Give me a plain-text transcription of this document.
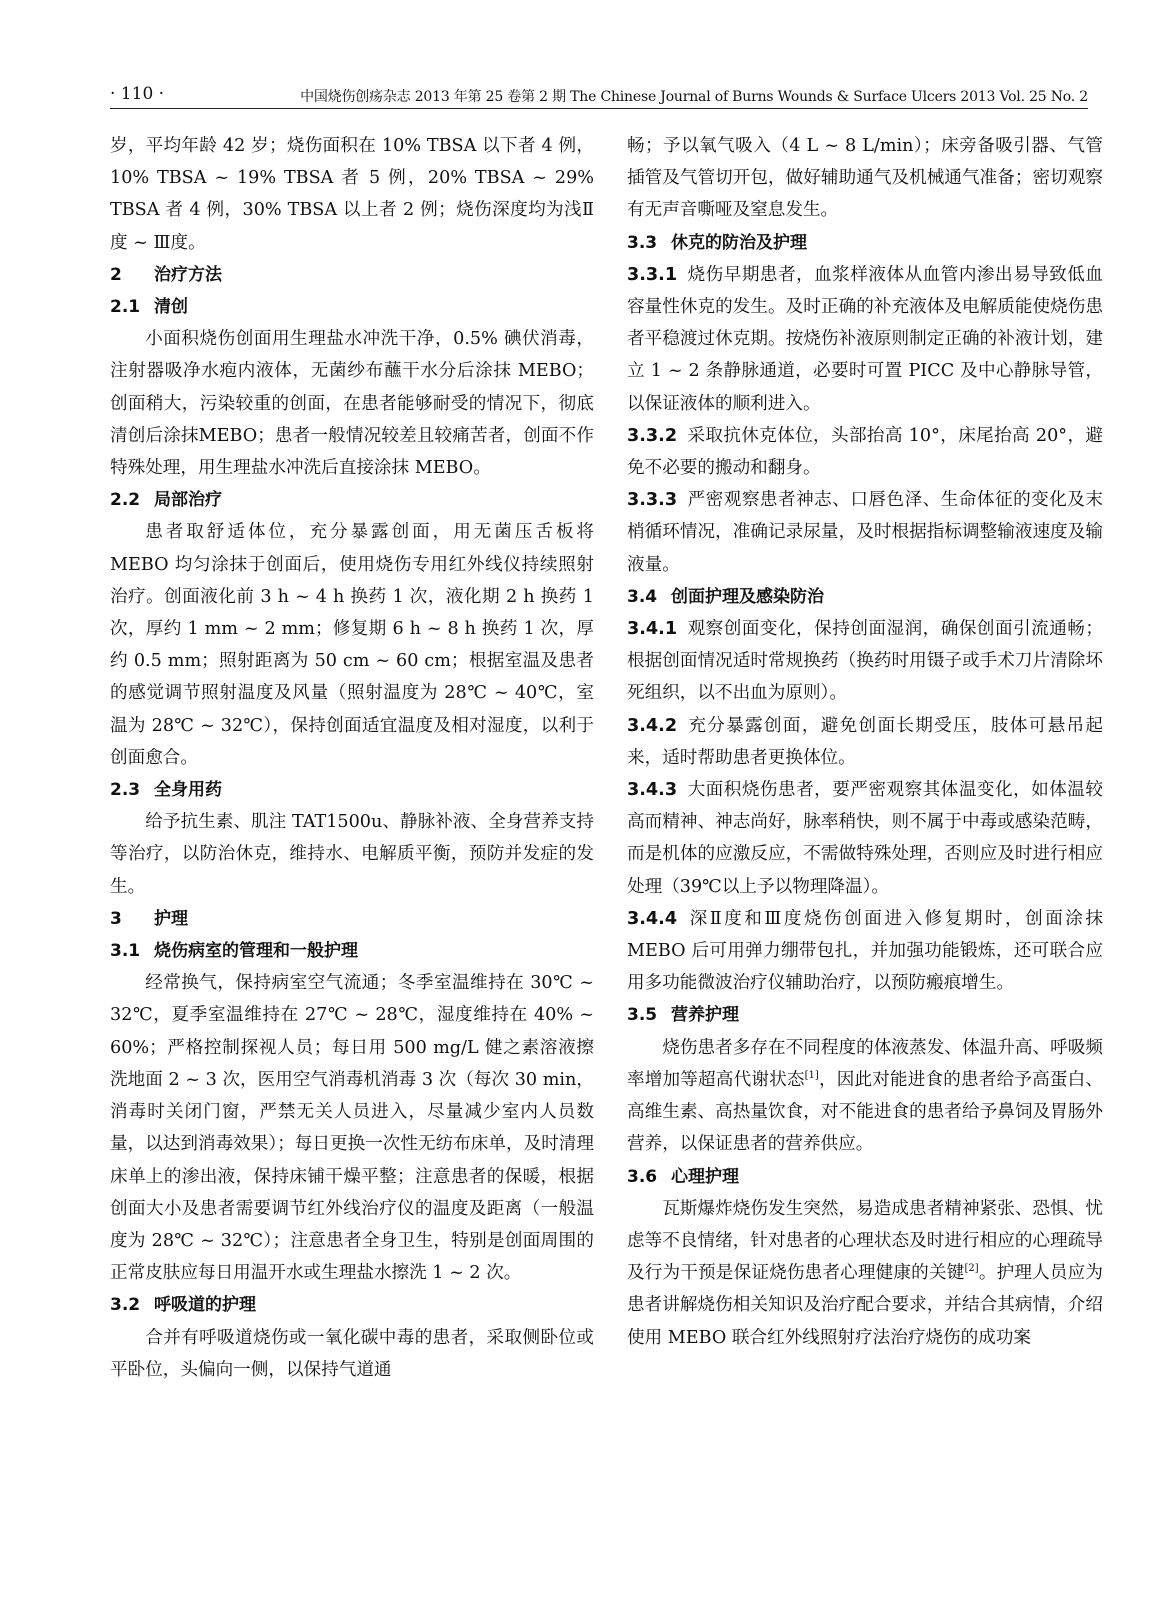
· 110 ·	中国烧伤创疡杂志 2013 年第 25 卷第 2 期 The Chinese Journal of Burns Wounds & Surface Ulcers 2013 Vol. 25 No. 2

岁，平均年龄 42 岁；烧伤面积在 10% TBSA 以下者 4 例，10% TBSA ~ 19% TBSA 者 5 例，20% TBSA ~ 29% TBSA 者 4 例，30% TBSA 以上者 2 例；烧伤深度均为浅Ⅱ度 ~ Ⅲ度。

2 治疗方法
2.1 清创

小面积烧伤创面用生理盐水冲洗干净，0.5% 碘伏消毒，注射器吸净水疱内液体，无菌纱布蘸干水分后涂抹 MEBO；创面稍大，污染较重的创面，在患者能够耐受的情况下，彻底清创后涂抹MEBO；患者一般情况较差且较痛苦者，创面不作特殊处理，用生理盐水冲洗后直接涂抹 MEBO。

2.2 局部治疗

患者取舒适体位，充分暴露创面，用无菌压舌板将 MEBO 均匀涂抹于创面后，使用烧伤专用红外线仪持续照射治疗。创面液化前 3 h ~ 4 h 换药 1 次，液化期 2 h 换药 1 次，厚约 1 mm ~ 2 mm；修复期 6 h ~ 8 h 换药 1 次，厚约 0.5 mm；照射距离为 50 cm ~ 60 cm；根据室温及患者的感觉调节照射温度及风量（照射温度为 28℃ ~ 40℃，室温为 28℃ ~ 32℃），保持创面适宜温度及相对湿度，以利于创面愈合。

2.3 全身用药

给予抗生素、肌注 TAT1500u、静脉补液、全身营养支持等治疗，以防治休克，维持水、电解质平衡，预防并发症的发生。

3 护理
3.1 烧伤病室的管理和一般护理

经常换气，保持病室空气流通；冬季室温维持在 30℃ ~ 32℃，夏季室温维持在 27℃ ~ 28℃，湿度维持在 40% ~ 60%；严格控制探视人员；每日用 500 mg/L 健之素溶液擦洗地面 2 ~ 3 次，医用空气消毒机消毒 3 次（每次 30 min，消毒时关闭门窗，严禁无关人员进入，尽量减少室内人员数量，以达到消毒效果）；每日更换一次性无纺布床单，及时清理床单上的渗出液，保持床铺干燥平整；注意患者的保暖，根据创面大小及患者需要调节红外线治疗仪的温度及距离（一般温度为 28℃ ~ 32℃）；注意患者全身卫生，特别是创面周围的正常皮肤应每日用温开水或生理盐水擦洗 1 ~ 2 次。

3.2 呼吸道的护理

合并有呼吸道烧伤或一氧化碳中毒的患者，采取侧卧位或平卧位，头偏向一侧，以保持气道通

畅；予以氧气吸入（4 L ~ 8 L/min）；床旁备吸引器、气管插管及气管切开包，做好辅助通气及机械通气准备；密切观察有无声音嘶哑及窒息发生。

3.3 休克的防治及护理

3.3.1 烧伤早期患者，血浆样液体从血管内渗出易导致低血容量性休克的发生。及时正确的补充液体及电解质能使烧伤患者平稳渡过休克期。按烧伤补液原则制定正确的补液计划，建立 1 ~ 2 条静脉通道，必要时可置 PICC 及中心静脉导管，以保证液体的顺利进入。

3.3.2 采取抗休克体位，头部抬高 10°，床尾抬高 20°，避免不必要的搬动和翻身。

3.3.3 严密观察患者神志、口唇色泽、生命体征的变化及末梢循环情况，准确记录尿量，及时根据指标调整输液速度及输液量。

3.4 创面护理及感染防治

3.4.1 观察创面变化，保持创面湿润，确保创面引流通畅；根据创面情况适时常规换药（换药时用镊子或手术刀片清除坏死组织，以不出血为原则）。

3.4.2 充分暴露创面，避免创面长期受压，肢体可悬吊起来，适时帮助患者更换体位。

3.4.3 大面积烧伤患者，要严密观察其体温变化，如体温较高而精神、神志尚好，脉率稍快，则不属于中毒或感染范畴，而是机体的应激反应，不需做特殊处理，否则应及时进行相应处理（39℃以上予以物理降温）。

3.4.4 深Ⅱ度和Ⅲ度烧伤创面进入修复期时，创面涂抹 MEBO 后可用弹力绷带包扎，并加强功能锻炼，还可联合应用多功能微波治疗仪辅助治疗，以预防瘢痕增生。

3.5 营养护理

烧伤患者多存在不同程度的体液蒸发、体温升高、呼吸频率增加等超高代谢状态[1]，因此对能进食的患者给予高蛋白、高维生素、高热量饮食，对不能进食的患者给予鼻饲及胃肠外营养，以保证患者的营养供应。

3.6 心理护理

瓦斯爆炸烧伤发生突然，易造成患者精神紧张、恐惧、忧虑等不良情绪，针对患者的心理状态及时进行相应的心理疏导及行为干预是保证烧伤患者心理健康的关键[2]。护理人员应为患者讲解烧伤相关知识及治疗配合要求，并结合其病情，介绍使用 MEBO 联合红外线照射疗法治疗烧伤的成功案
